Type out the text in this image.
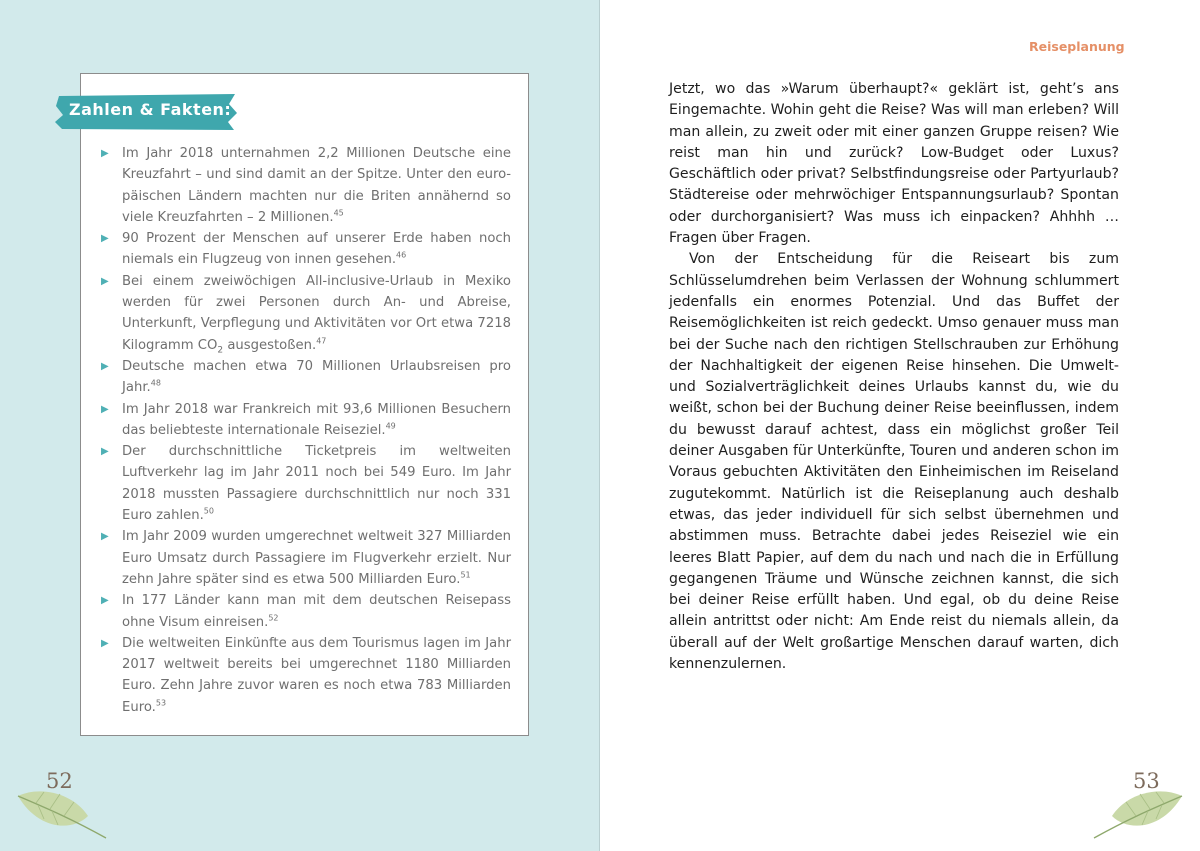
Zahlen & Fakten:
▶ Im Jahr 2018 unternahmen 2,2 Millionen Deutsche eine Kreuzfahrt – und sind damit an der Spitze. Unter den europäischen Ländern machten nur die Briten annähernd so viele Kreuzfahrten – 2 Millionen.$^{45}$
▶ 90 Prozent der Menschen auf unserer Erde haben noch niemals ein Flugzeug von innen gesehen.$^{46}$
▶ Bei einem zweiwöchigen All-inclusive-Urlaub in Mexiko werden für zwei Personen durch An- und Abreise, Unterkunft, Verpflegung und Aktivitäten vor Ort etwa 7218 Kilogramm $CO_2$ ausgestoßen.$^{47}$
▶ Deutsche machen etwa 70 Millionen Urlaubsreisen pro Jahr.$^{48}$
▶ Im Jahr 2018 war Frankreich mit 93,6 Millionen Besuchern das beliebteste internationale Reiseziel.$^{49}$
▶ Der durchschnittliche Ticketpreis im weltweiten Luftverkehr lag im Jahr 2011 noch bei 549 Euro. Im Jahr 2018 mussten Passagiere durchschnittlich nur noch 331 Euro zahlen.$^{50}$
▶ Im Jahr 2009 wurden umgerechnet weltweit 327 Milliarden Euro Umsatz durch Passagiere im Flugverkehr erzielt. Nur zehn Jahre später sind es etwa 500 Milliarden Euro.$^{51}$
▶ In 177 Länder kann man mit dem deutschen Reisepass ohne Visum einreisen.$^{52}$
▶ Die weltweiten Einkünfte aus dem Tourismus lagen im Jahr 2017 weltweit bereits bei umgerechnet 1180 Milliarden Euro. Zehn Jahre zuvor waren es noch etwa 783 Milliarden Euro.$^{53}$
52
Reiseplanung

Jetzt, wo das »Warum überhaupt?« geklärt ist, geht’s ans Eingemachte. Wohin geht die Reise? Was will man erleben? Will man allein, zu zweit oder mit einer ganzen Gruppe reisen? Wie reist man hin und zurück? Low-Budget oder Luxus? Geschäftlich oder privat? Selbstfindungsreise oder Partyurlaub? Städtereise oder mehrwöchiger Entspannungsurlaub? Spontan oder durchorganisiert? Was muss ich einpacken? Ahhhh … Fragen über Fragen.

Von der Entscheidung für die Reiseart bis zum Schlüsselumdrehen beim Verlassen der Wohnung schlummert jedenfalls ein enormes Potenzial. Und das Buffet der Reisemöglichkeiten ist reich gedeckt. Umso genauer muss man bei der Suche nach den richtigen Stellschrauben zur Erhöhung der Nachhaltigkeit der eigenen Reise hinsehen. Die Umwelt- und Sozialverträglichkeit deines Urlaubs kannst du, wie du weißt, schon bei der Buchung deiner Reise beeinflussen, indem du bewusst darauf achtest, dass ein möglichst großer Teil deiner Ausgaben für Unterkünfte, Touren und anderen schon im Voraus gebuchten Aktivitäten den Einheimischen im Reiseland zugutekommt. Natürlich ist die Reiseplanung auch deshalb etwas, das jeder individuell für sich selbst übernehmen und abstimmen muss. Betrachte dabei jedes Reiseziel wie ein leeres Blatt Papier, auf dem du nach und nach die in Erfüllung gegangenen Träume und Wünsche zeichnen kannst, die sich bei deiner Reise erfüllt haben. Und egal, ob du deine Reise allein antrittst oder nicht: Am Ende reist du niemals allein, da überall auf der Welt großartige Menschen darauf warten, dich kennenzulernen.

53
